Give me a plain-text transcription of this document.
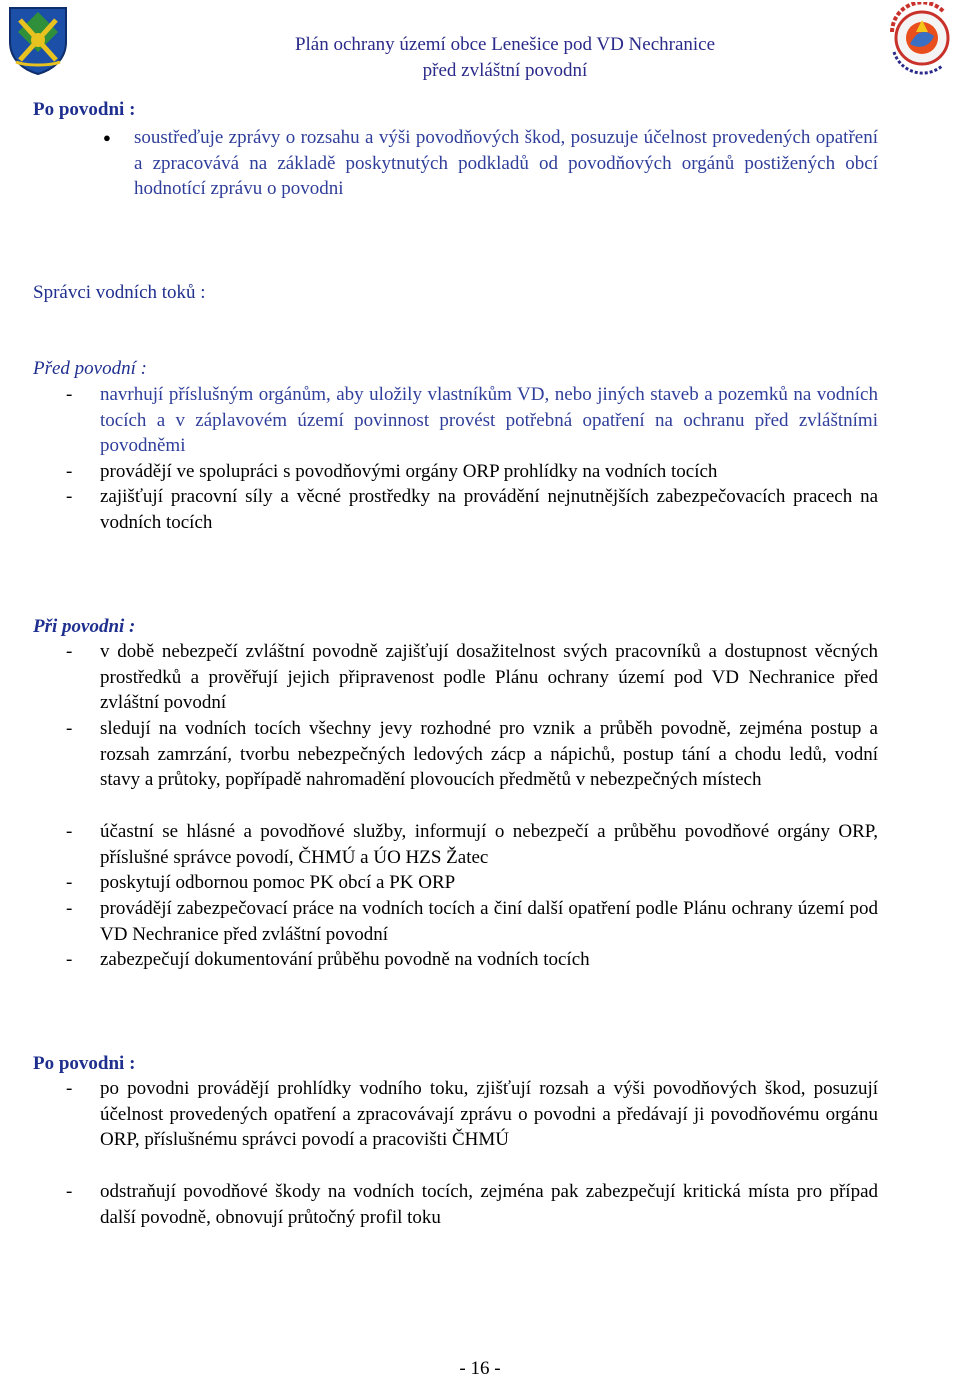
Plán ochrany území obce Lenešice pod VD Nechranice
před zvláštní povodní
Po povodni :
● soustřeďuje zprávy o rozsahu a výši povodňových škod, posuzuje účelnost provedených opatření a zpracovává na základě poskytnutých podkladů od povodňových orgánů postižených obcí hodnotící zprávu o povodni
Správci vodních toků :
Před povodní :
- navrhují příslušným orgánům, aby uložily vlastníkům VD, nebo jiných staveb a pozemků na vodních tocích a v záplavovém území povinnost provést potřebná opatření na ochranu před zvláštními povodněmi
- provádějí ve spolupráci s povodňovými orgány ORP prohlídky na vodních tocích
- zajišťují pracovní síly a věcné prostředky na provádění nejnutnějších zabezpečovacích pracech na vodních tocích
Při povodni :
- v době nebezpečí zvláštní povodně zajišťují dosažitelnost svých pracovníků a dostupnost věcných prostředků a prověřují jejich připravenost podle Plánu ochrany území pod VD Nechranice před zvláštní povodní
- sledují na vodních tocích všechny jevy rozhodné pro vznik a průběh povodně, zejména postup a rozsah zamrzání, tvorbu nebezpečných ledových zácp a nápichů, postup tání a chodu ledů, vodní stavy a průtoky, popřípadě nahromadění plovoucích předmětů v nebezpečných místech
- účastní se hlásné a povodňové služby, informují o nebezpečí a průběhu povodňové orgány ORP, příslušné správce povodí, ČHMÚ a ÚO HZS Žatec
- poskytují odbornou pomoc PK obcí a PK ORP
- provádějí zabezpečovací práce na vodních tocích a činí další opatření podle Plánu ochrany území pod VD Nechranice před zvláštní povodní
- zabezpečují dokumentování průběhu povodně na vodních tocích
Po povodni :
- po povodni provádějí prohlídky vodního toku, zjišťují rozsah a výši povodňových škod, posuzují účelnost provedených opatření a zpracovávají zprávu o povodni a předávají ji povodňovému orgánu ORP, příslušnému správci povodí a pracovišti ČHMÚ
- odstraňují povodňové škody na vodních tocích, zejména pak zabezpečují kritická místa pro případ další povodně, obnovují průtočný profil toku
- 16 -
